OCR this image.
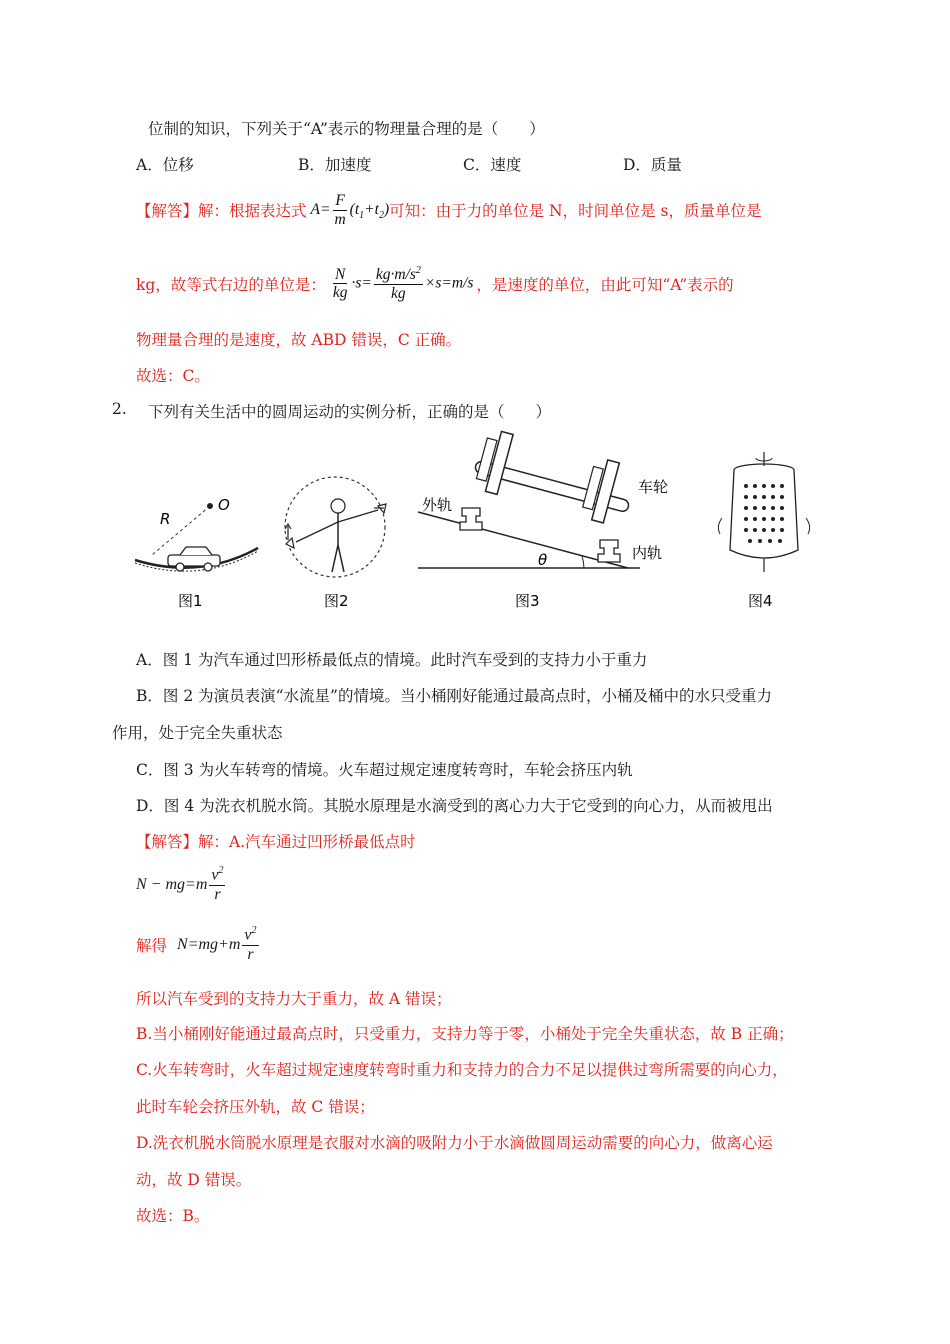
位制的知识，下列关于“A”表示的物理量合理的是（　　）
A．位移	B．加速度	C．速度	D．质量
【解答】 解：根据表达式 $A= \frac{F}{m} (t_1+t_2)$ 可知：由于力的单位是 N，时间单位是 s，质量单位是
kg，故等式右边的单位是： $\frac{N}{kg} \cdot s= \frac{kg\cdot m/s^2}{kg} \times s=m/s$ ，是速度的单位，由此可知“A”表示的
物理量合理的是速度，故 ABD 错误，C 正确。
故选：C。
2. 下列有关生活中的圆周运动的实例分析，正确的是（　　）
O
R
图1	图2
θ
外轨
内轨
车轮
图3	图4
A．图 1 为汽车通过凹形桥最低点的情境。此时汽车受到的支持力小于重力
B．图 2 为演员表演“水流星”的情境。当小桶刚好能通过最高点时，小桶及桶中的水只受重力
作用，处于完全失重状态
C．图 3 为火车转弯的情境。火车超过规定速度转弯时，车轮会挤压内轨
D．图 4 为洗衣机脱水筒。其脱水原理是水滴受到的离心力大于它受到的向心力，从而被甩出
【解答】解：A.汽车通过凹形桥最低点时
$N - mg=m \frac{v^2}{r}$
解得 $N=mg+m \frac{v^2}{r}$
所以汽车受到的支持力大于重力，故 A 错误；
B.当小桶刚好能通过最高点时，只受重力，支持力等于零，小桶处于完全失重状态，故 B 正确；
C.火车转弯时，火车超过规定速度转弯时重力和支持力的合力不足以提供过弯所需要的向心力，
此时车轮会挤压外轨，故 C 错误；
D.洗衣机脱水筒脱水原理是衣服对水滴的吸附力小于水滴做圆周运动需要的向心力，做离心运
动，故 D 错误。
故选：B。
